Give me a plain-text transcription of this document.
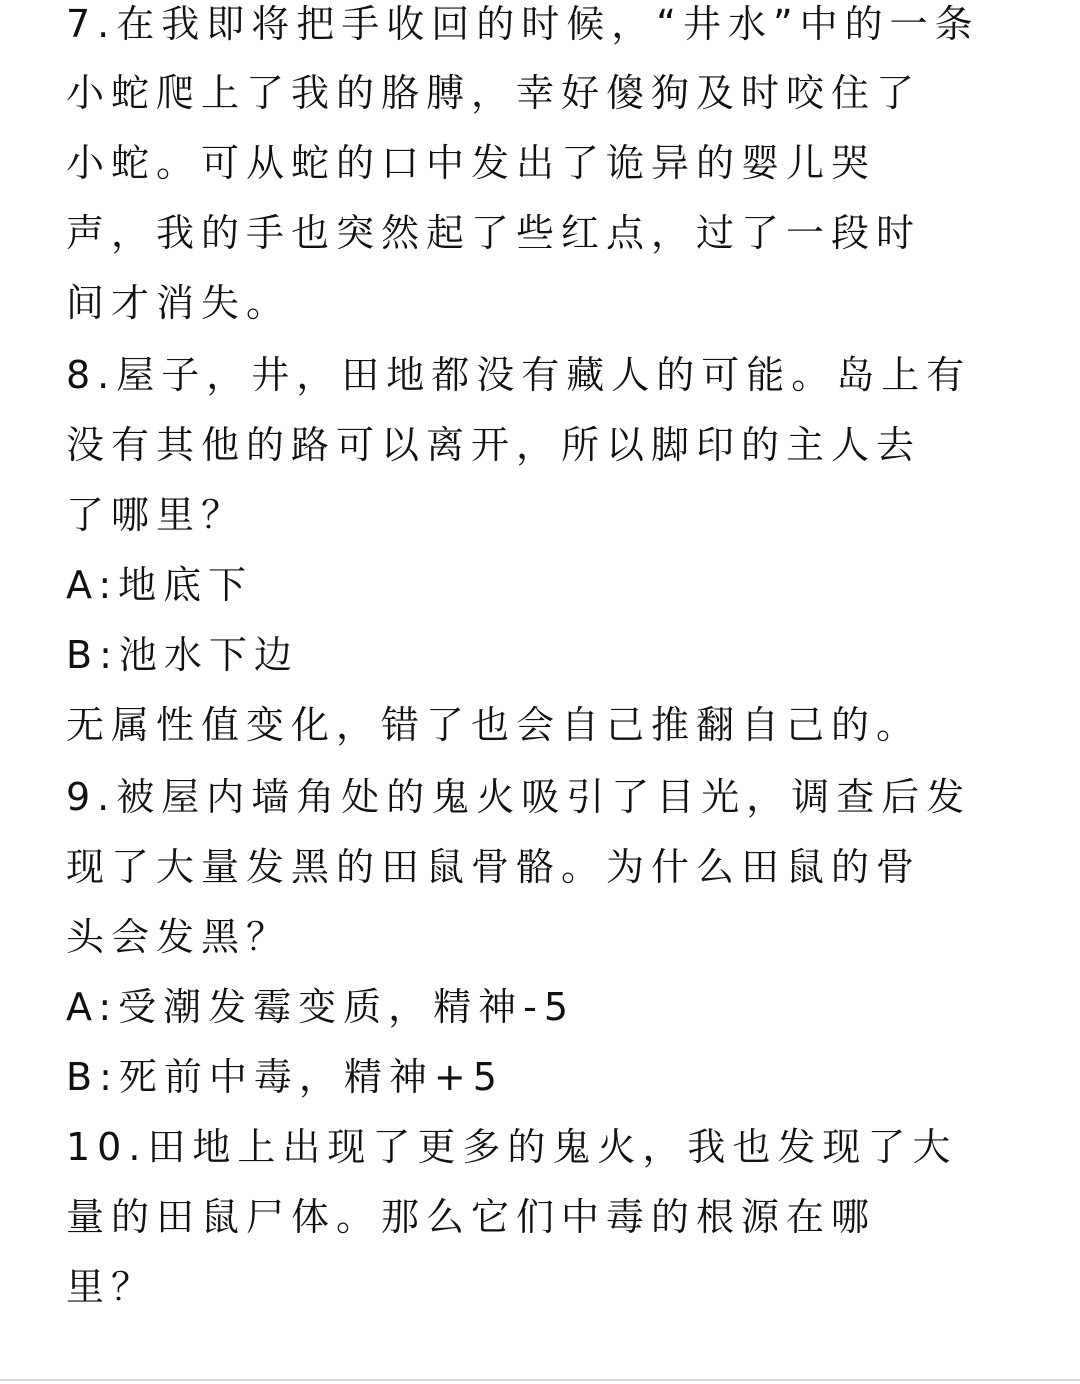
7.在我即将把手收回的时候，“井水”中的一条
小蛇爬上了我的胳膊，幸好傻狗及时咬住了
小蛇。可从蛇的口中发出了诡异的婴儿哭
声，我的手也突然起了些红点，过了一段时
间才消失。
8.屋子，井，田地都没有藏人的可能。岛上有
没有其他的路可以离开，所以脚印的主人去
了哪里？
A:地底下
B:池水下边
无属性值变化，错了也会自己推翻自己的。
9.被屋内墙角处的鬼火吸引了目光，调查后发
现了大量发黑的田鼠骨骼。为什么田鼠的骨
头会发黑？
A:受潮发霉变质，精神-5
B:死前中毒，精神+5
10.田地上出现了更多的鬼火，我也发现了大
量的田鼠尸体。那么它们中毒的根源在哪
里？
